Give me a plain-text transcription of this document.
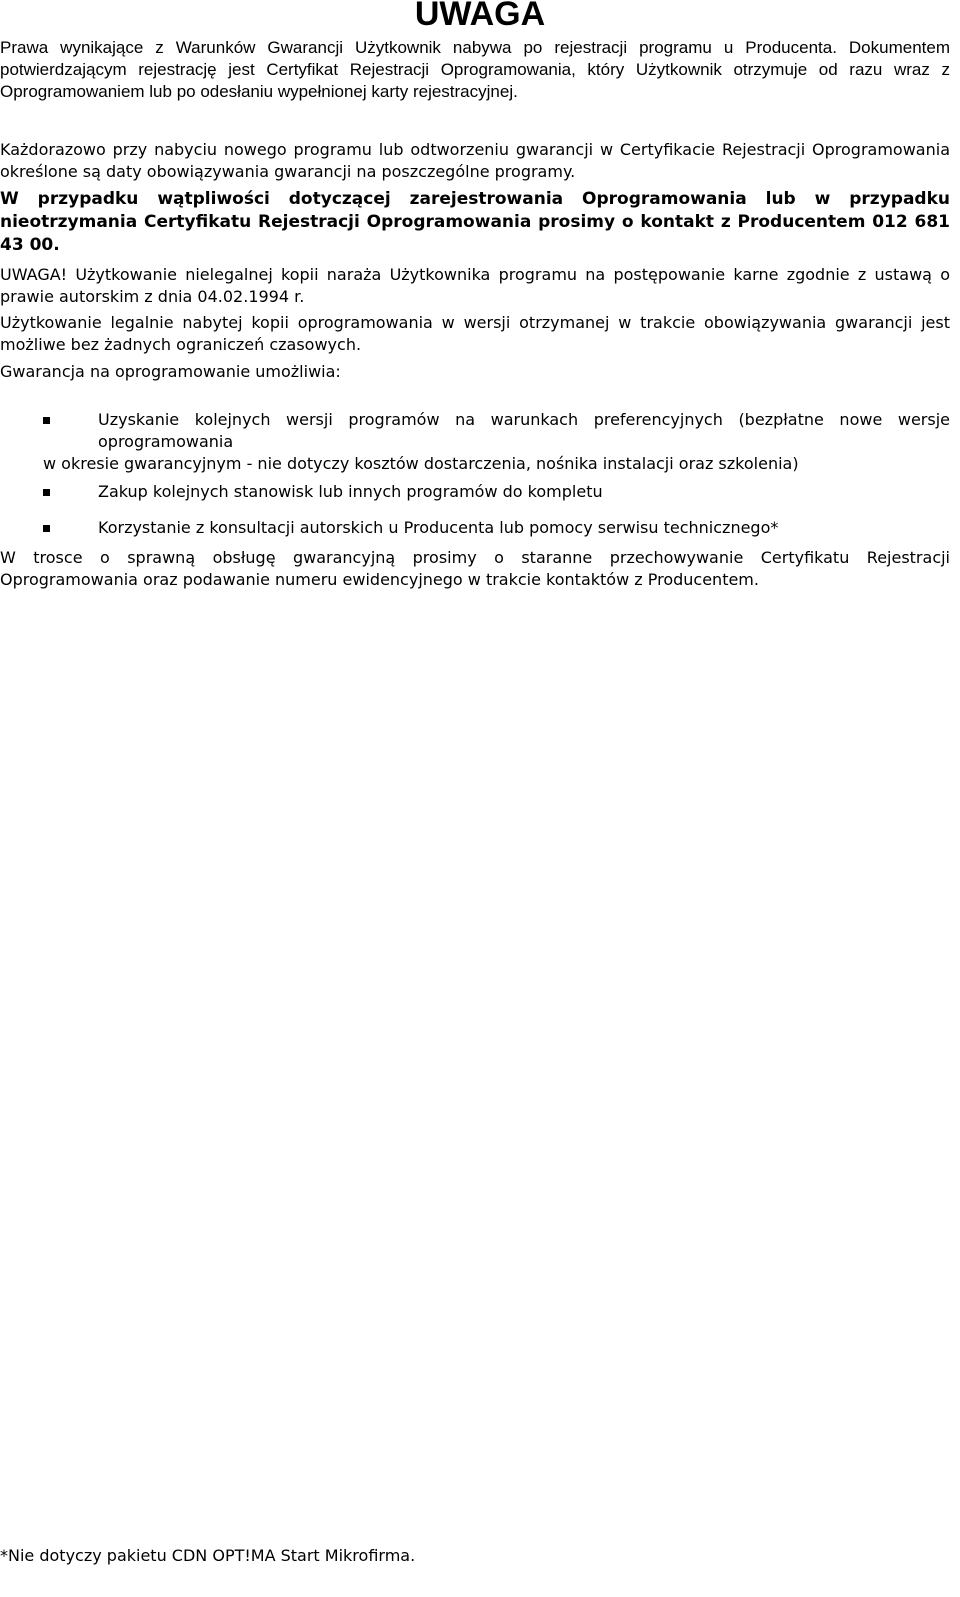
UWAGA

Prawa wynikające z Warunków Gwarancji Użytkownik nabywa po rejestracji programu u Producenta. Dokumentem potwierdzającym rejestrację jest Certyfikat Rejestracji Oprogramowania, który Użytkownik otrzymuje od razu wraz z Oprogramowaniem lub po odesłaniu wypełnionej karty rejestracyjnej.

Każdorazowo przy nabyciu nowego programu lub odtworzeniu gwarancji w Certyfikacie Rejestracji Oprogramowania określone są daty obowiązywania gwarancji na poszczególne programy.

W przypadku wątpliwości dotyczącej zarejestrowania Oprogramowania lub w przypadku nieotrzymania Certyfikatu Rejestracji Oprogramowania prosimy o kontakt z Producentem 012 681 43 00.

UWAGA! Użytkowanie nielegalnej kopii naraża Użytkownika programu na postępowanie karne zgodnie z ustawą o prawie autorskim z dnia 04.02.1994 r.

Użytkowanie legalnie nabytej kopii oprogramowania w wersji otrzymanej w trakcie obowiązywania gwarancji jest możliwe bez żadnych ograniczeń czasowych.

Gwarancja na oprogramowanie umożliwia:

Uzyskanie kolejnych wersji programów na warunkach preferencyjnych (bezpłatne nowe wersje oprogramowania

w okresie gwarancyjnym - nie dotyczy kosztów dostarczenia, nośnika instalacji oraz szkolenia)

Zakup kolejnych stanowisk lub innych programów do kompletu

Korzystanie z konsultacji autorskich u Producenta lub pomocy serwisu technicznego*

W trosce o sprawną obsługę gwarancyjną prosimy o staranne przechowywanie Certyfikatu Rejestracji Oprogramowania oraz podawanie numeru ewidencyjnego w trakcie kontaktów z Producentem.

*Nie dotyczy pakietu CDN OPT!MA Start Mikrofirma.
